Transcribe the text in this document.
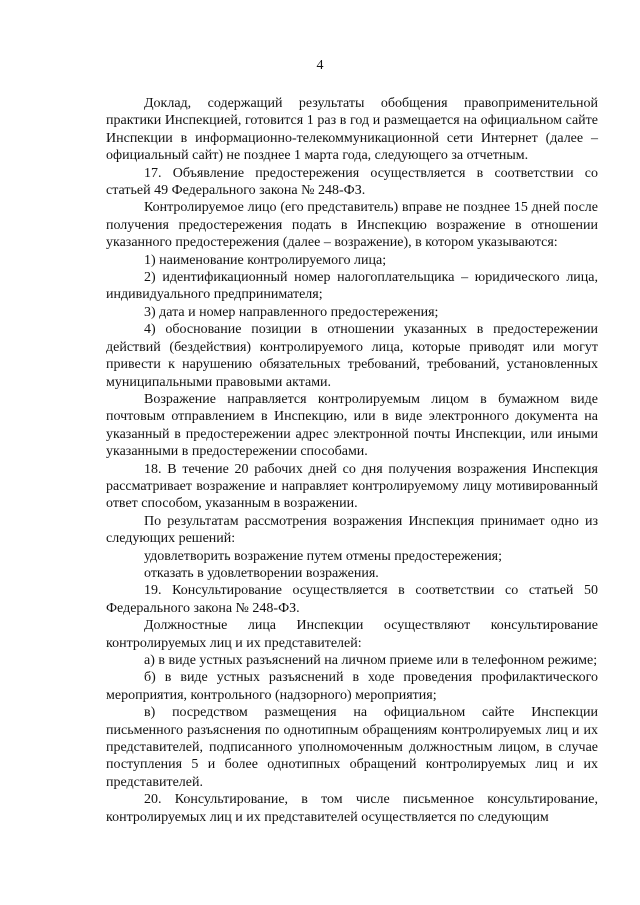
4

Доклад, содержащий результаты обобщения правоприменительной практики Инспекцией, готовится 1 раз в год и размещается на официальном сайте Инспекции в информационно-телекоммуникационной сети Интернет (далее – официальный сайт) не позднее 1 марта года, следующего за отчетным.

17. Объявление предостережения осуществляется в соответствии со статьей 49 Федерального закона № 248-ФЗ.

Контролируемое лицо (его представитель) вправе не позднее 15 дней после получения предостережения подать в Инспекцию возражение в отношении указанного предостережения (далее – возражение), в котором указываются:

1) наименование контролируемого лица;

2) идентификационный номер налогоплательщика – юридического лица, индивидуального предпринимателя;

3) дата и номер направленного предостережения;

4) обоснование позиции в отношении указанных в предостережении действий (бездействия) контролируемого лица, которые приводят или могут привести к нарушению обязательных требований, требований, установленных муниципальными правовыми актами.

Возражение направляется контролируемым лицом в бумажном виде почтовым отправлением в Инспекцию, или в виде электронного документа на указанный в предостережении адрес электронной почты Инспекции, или иными указанными в предостережении способами.

18. В течение 20 рабочих дней со дня получения возражения Инспекция рассматривает возражение и направляет контролируемому лицу мотивированный ответ способом, указанным в возражении.

По результатам рассмотрения возражения Инспекция принимает одно из следующих решений:

удовлетворить возражение путем отмены предостережения;

отказать в удовлетворении возражения.

19. Консультирование осуществляется в соответствии со статьей 50 Федерального закона № 248-ФЗ.

Должностные лица Инспекции осуществляют консультирование контролируемых лиц и их представителей:

а) в виде устных разъяснений на личном приеме или в телефонном режиме;

б) в виде устных разъяснений в ходе проведения профилактического мероприятия, контрольного (надзорного) мероприятия;

в) посредством размещения на официальном сайте Инспекции письменного разъяснения по однотипным обращениям контролируемых лиц и их представителей, подписанного уполномоченным должностным лицом, в случае поступления 5 и более однотипных обращений контролируемых лиц и их представителей.

20. Консультирование, в том числе письменное консультирование, контролируемых лиц и их представителей осуществляется по следующим
